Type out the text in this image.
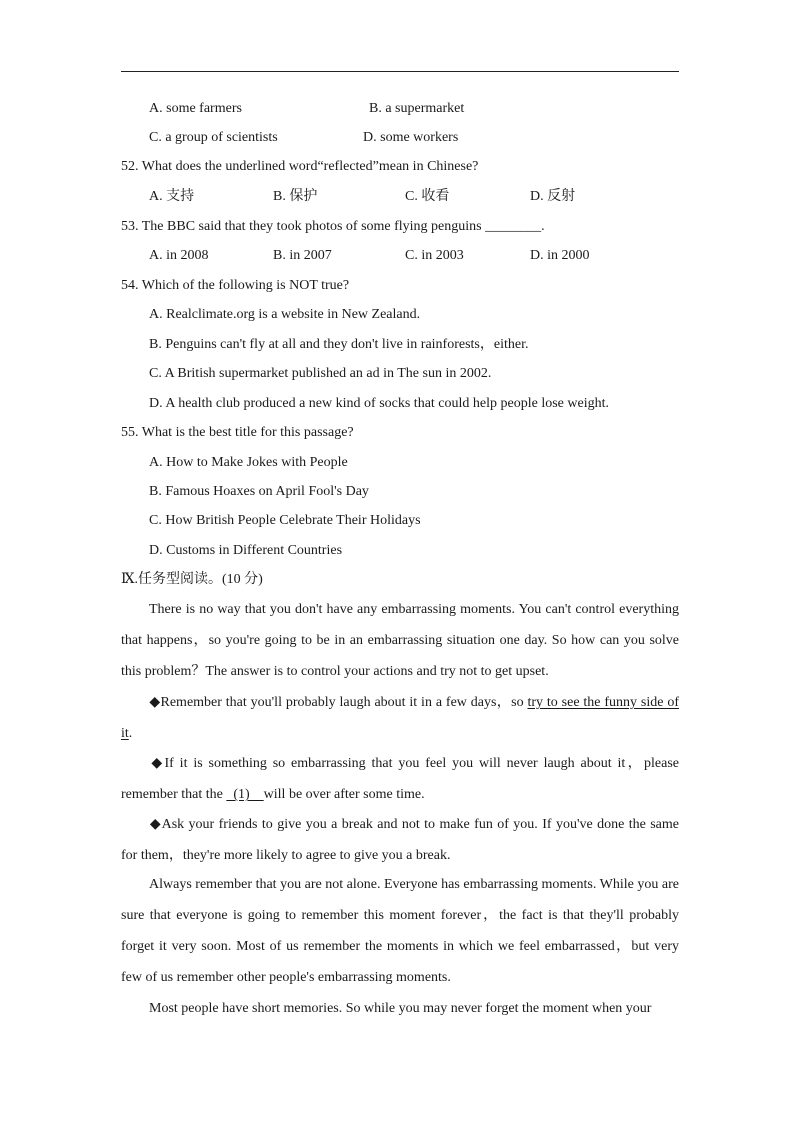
A. some farmers	B. a supermarket
C. a group of scientists	D. some workers
52. What does the underlined word“reflected”mean in Chinese?
A. 支持	B. 保护	C. 收看	D. 反射
53. The BBC said that they took photos of some flying penguins ________.
A. in 2008	B. in 2007	C. in 2003	D. in 2000
54. Which of the following is NOT true?
A. Realclimate.org is a website in New Zealand.
B. Penguins can't fly at all and they don't live in rainforests，either.
C. A British supermarket published an ad in The sun in 2002.
D. A health club produced a new kind of socks that could help people lose weight.
55. What is the best title for this passage?
A. How to Make Jokes with People
B. Famous Hoaxes on April Fool's Day
C. How British People Celebrate Their Holidays
D. Customs in Different Countries
Ⅸ.任务型阅读。(10 分)
There is no way that you don't have any embarrassing moments. You can't control everything that happens，so you're going to be in an embarrassing situation one day. So how can you solve this problem？The answer is to control your actions and try not to get upset.
◆Remember that you'll probably laugh about it in a few days，so try to see the funny side of it.
◆If it is something so embarrassing that you feel you will never laugh about it，please remember that the   (1)    will be over after some time.
◆Ask your friends to give you a break and not to make fun of you. If you've done the same for them，they're more likely to agree to give you a break.
Always remember that you are not alone. Everyone has embarrassing moments. While you are sure that everyone is going to remember this moment forever，the fact is that they'll probably forget it very soon. Most of us remember the moments in which we feel embarrassed，but very few of us remember other people's embarrassing moments.
Most people have short memories. So while you may never forget the moment when your
